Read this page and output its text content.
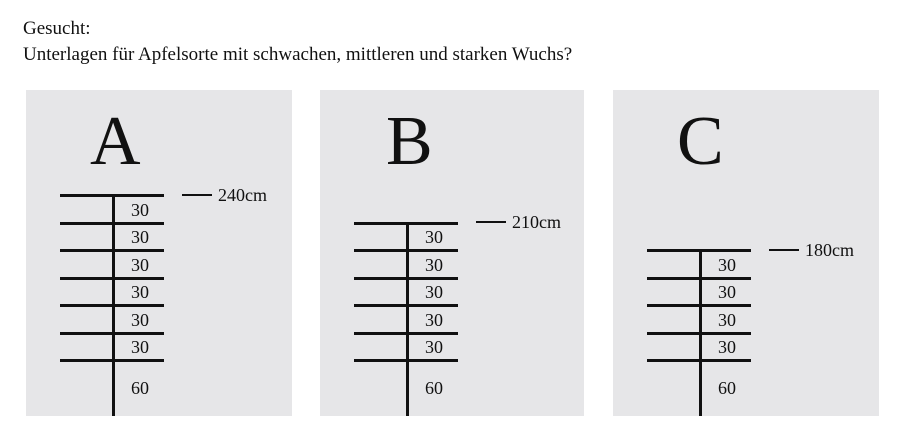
Gesucht:
Unterlagen für Apfelsorte mit schwachen, mittleren und starken Wuchs?
A
30
30
30
30
30
30
60
240cm
B
30
30
30
30
30
60
210cm
C
30
30
30
30
60
180cm
